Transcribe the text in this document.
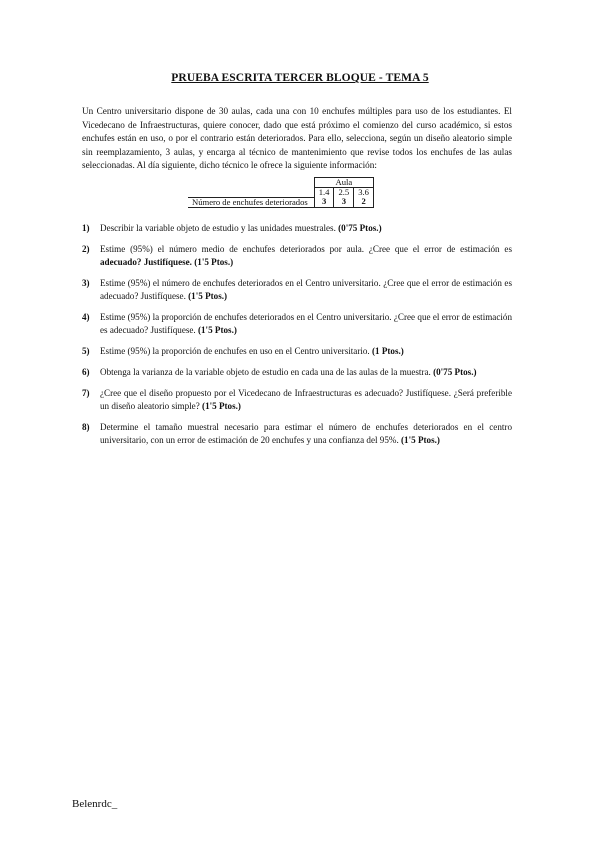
PRUEBA ESCRITA TERCER BLOQUE - TEMA 5
Un Centro universitario dispone de 30 aulas, cada una con 10 enchufes múltiples para uso de los estudiantes. El Vicedecano de Infraestructuras, quiere conocer, dado que está próximo el comienzo del curso académico, si estos enchufes están en uso, o por el contrario están deteriorados. Para ello, selecciona, según un diseño aleatorio simple sin reemplazamiento, 3 aulas, y encarga al técnico de mantenimiento que revise todos los enchufes de las aulas seleccionadas. Al día siguiente, dicho técnico le ofrece la siguiente información:
	Aula		
	1.4	2.5	3.6
Número de enchufes deteriorados	3	3	2
1)	Describir la variable objeto de estudio y las unidades muestrales. (0'75 Ptos.)
2)	Estime (95%) el número medio de enchufes deteriorados por aula. ¿Cree que el error de estimación es adecuado? Justifíquese. (1'5 Ptos.)
3)	Estime (95%) el número de enchufes deteriorados en el Centro universitario. ¿Cree que el error de estimación es adecuado? Justifíquese. (1'5 Ptos.)
4)	Estime (95%) la proporción de enchufes deteriorados en el Centro universitario. ¿Cree que el error de estimación es adecuado? Justifíquese. (1'5 Ptos.)
5)	Estime (95%) la proporción de enchufes en uso en el Centro universitario. (1 Ptos.)
6)	Obtenga la varianza de la variable objeto de estudio en cada una de las aulas de la muestra. (0'75 Ptos.)
7)	¿Cree que el diseño propuesto por el Vicedecano de Infraestructuras es adecuado? Justifíquese. ¿Será preferible un diseño aleatorio simple? (1'5 Ptos.)
8)	Determine el tamaño muestral necesario para estimar el número de enchufes deteriorados en el centro universitario, con un error de estimación de 20 enchufes y una confianza del 95%. (1'5 Ptos.)
Belenrdc_
